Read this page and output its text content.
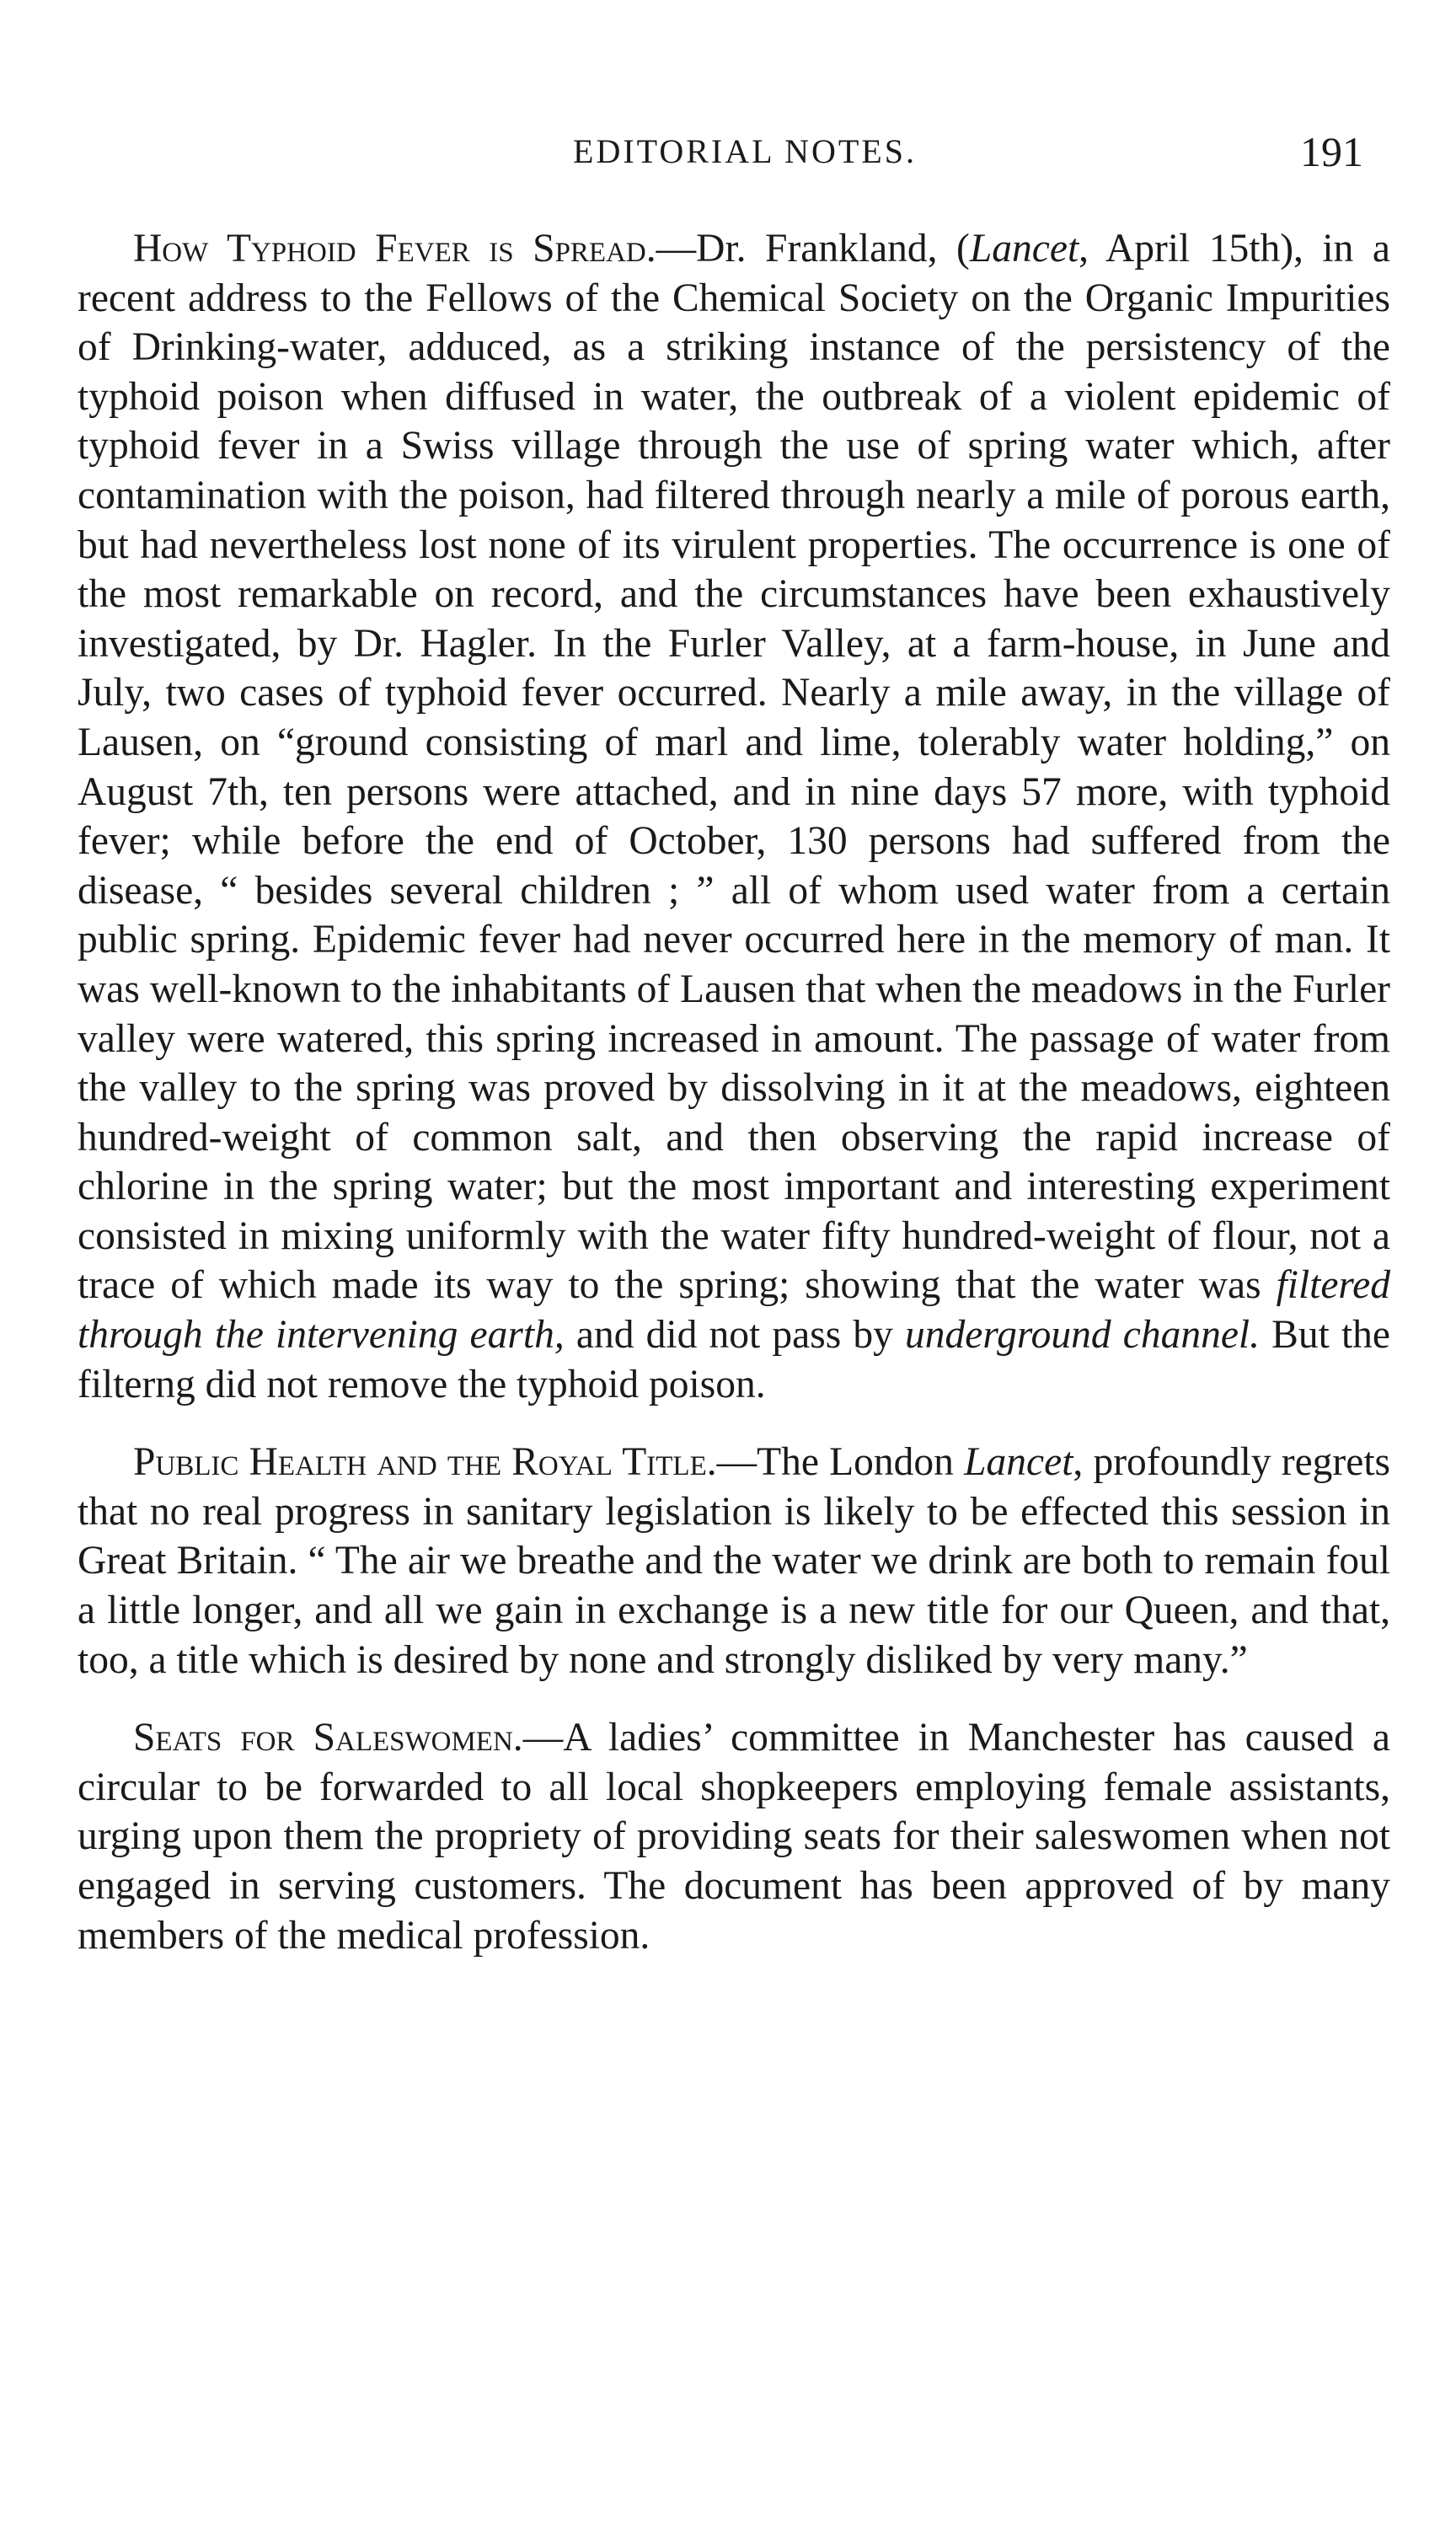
EDITORIAL NOTES.	191

How Typhoid Fever is Spread.—Dr. Frankland, (Lancet, April 15th), in a recent address to the Fellows of the Chemical Society on the Organic Impurities of Drinking-water, adduced, as a striking instance of the persistency of the typhoid poison when diffused in water, the outbreak of a violent epidemic of typhoid fever in a Swiss village through the use of spring water which, after contamination with the poison, had filtered through nearly a mile of porous earth, but had nevertheless lost none of its virulent properties. The occurrence is one of the most remarkable on record, and the circumstances have been exhaustively investigated, by Dr. Hagler. In the Furler Valley, at a farm-house, in June and July, two cases of typhoid fever occurred. Nearly a mile away, in the village of Lausen, on “ground consisting of marl and lime, tolerably water holding,” on August 7th, ten persons were attached, and in nine days 57 more, with typhoid fever; while before the end of October, 130 persons had suffered from the disease, “ besides several children ; ” all of whom used water from a certain public spring. Epidemic fever had never occurred here in the memory of man. It was well-known to the inhabitants of Lausen that when the meadows in the Furler valley were watered, this spring increased in amount. The passage of water from the valley to the spring was proved by dissolving in it at the meadows, eighteen hundred-weight of common salt, and then observing the rapid increase of chlorine in the spring water; but the most important and interesting experiment consisted in mixing uniformly with the water fifty hundred-weight of flour, not a trace of which made its way to the spring; showing that the water was filtered through the intervening earth, and did not pass by underground channel. But the filterng did not remove the typhoid poison.

Public Health and the Royal Title.—The London Lancet, profoundly regrets that no real progress in sanitary legislation is likely to be effected this session in Great Britain. “ The air we breathe and the water we drink are both to remain foul a little longer, and all we gain in exchange is a new title for our Queen, and that, too, a title which is desired by none and strongly disliked by very many.”

Seats for Saleswomen.—A ladies’ committee in Manchester has caused a circular to be forwarded to all local shopkeepers employing female assistants, urging upon them the propriety of providing seats for their saleswomen when not engaged in serving customers. The document has been approved of by many members of the medical profession.
